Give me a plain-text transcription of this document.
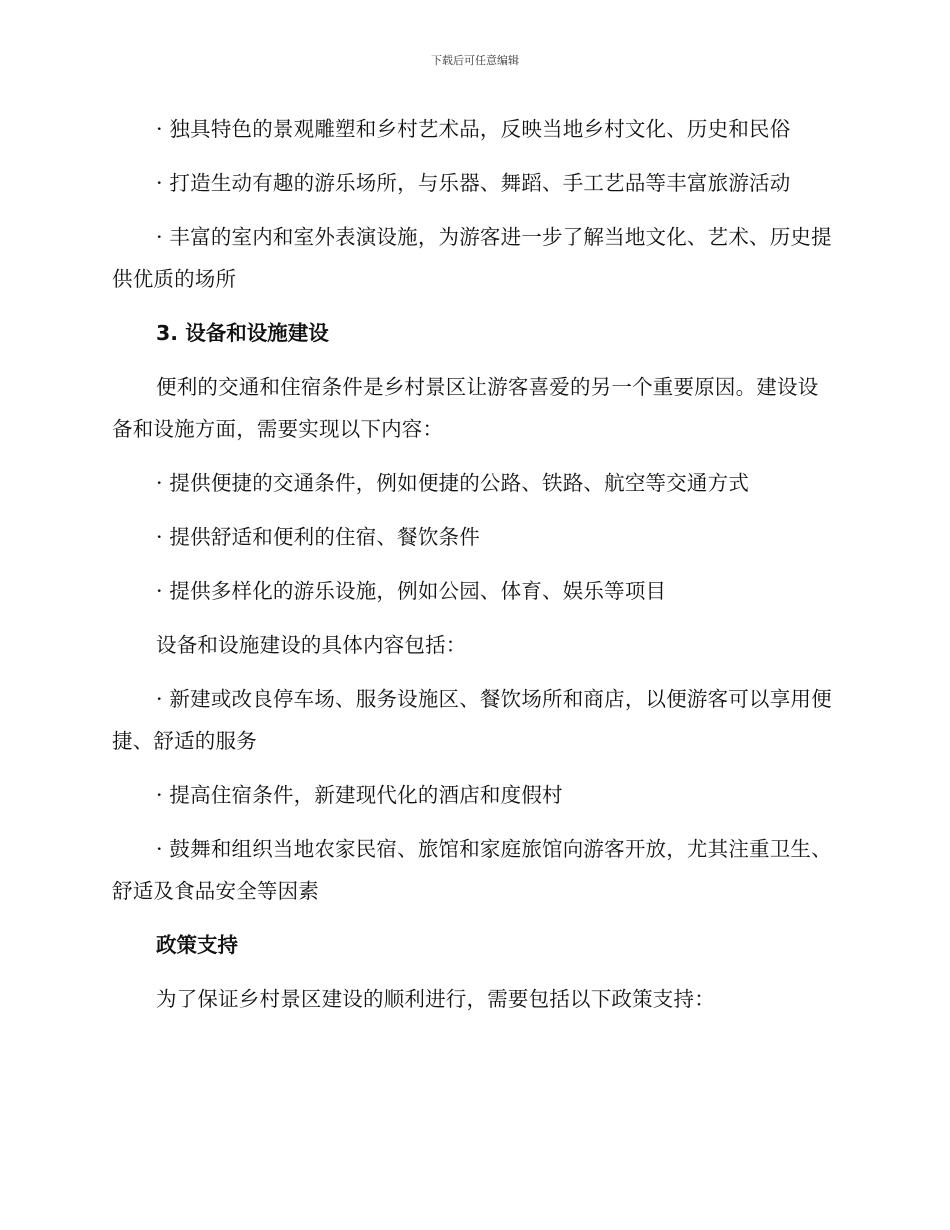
下载后可任意编辑

· 独具特色的景观雕塑和乡村艺术品，反映当地乡村文化、历史和民俗

· 打造生动有趣的游乐场所，与乐器、舞蹈、手工艺品等丰富旅游活动

· 丰富的室内和室外表演设施，为游客进一步了解当地文化、艺术、历史提供优质的场所

3. 设备和设施建设

便利的交通和住宿条件是乡村景区让游客喜爱的另一个重要原因。建设设备和设施方面，需要实现以下内容：

· 提供便捷的交通条件，例如便捷的公路、铁路、航空等交通方式

· 提供舒适和便利的住宿、餐饮条件

· 提供多样化的游乐设施，例如公园、体育、娱乐等项目

设备和设施建设的具体内容包括：

· 新建或改良停车场、服务设施区、餐饮场所和商店，以便游客可以享用便捷、舒适的服务

· 提高住宿条件，新建现代化的酒店和度假村

· 鼓舞和组织当地农家民宿、旅馆和家庭旅馆向游客开放，尤其注重卫生、舒适及食品安全等因素

政策支持

为了保证乡村景区建设的顺利进行，需要包括以下政策支持：
